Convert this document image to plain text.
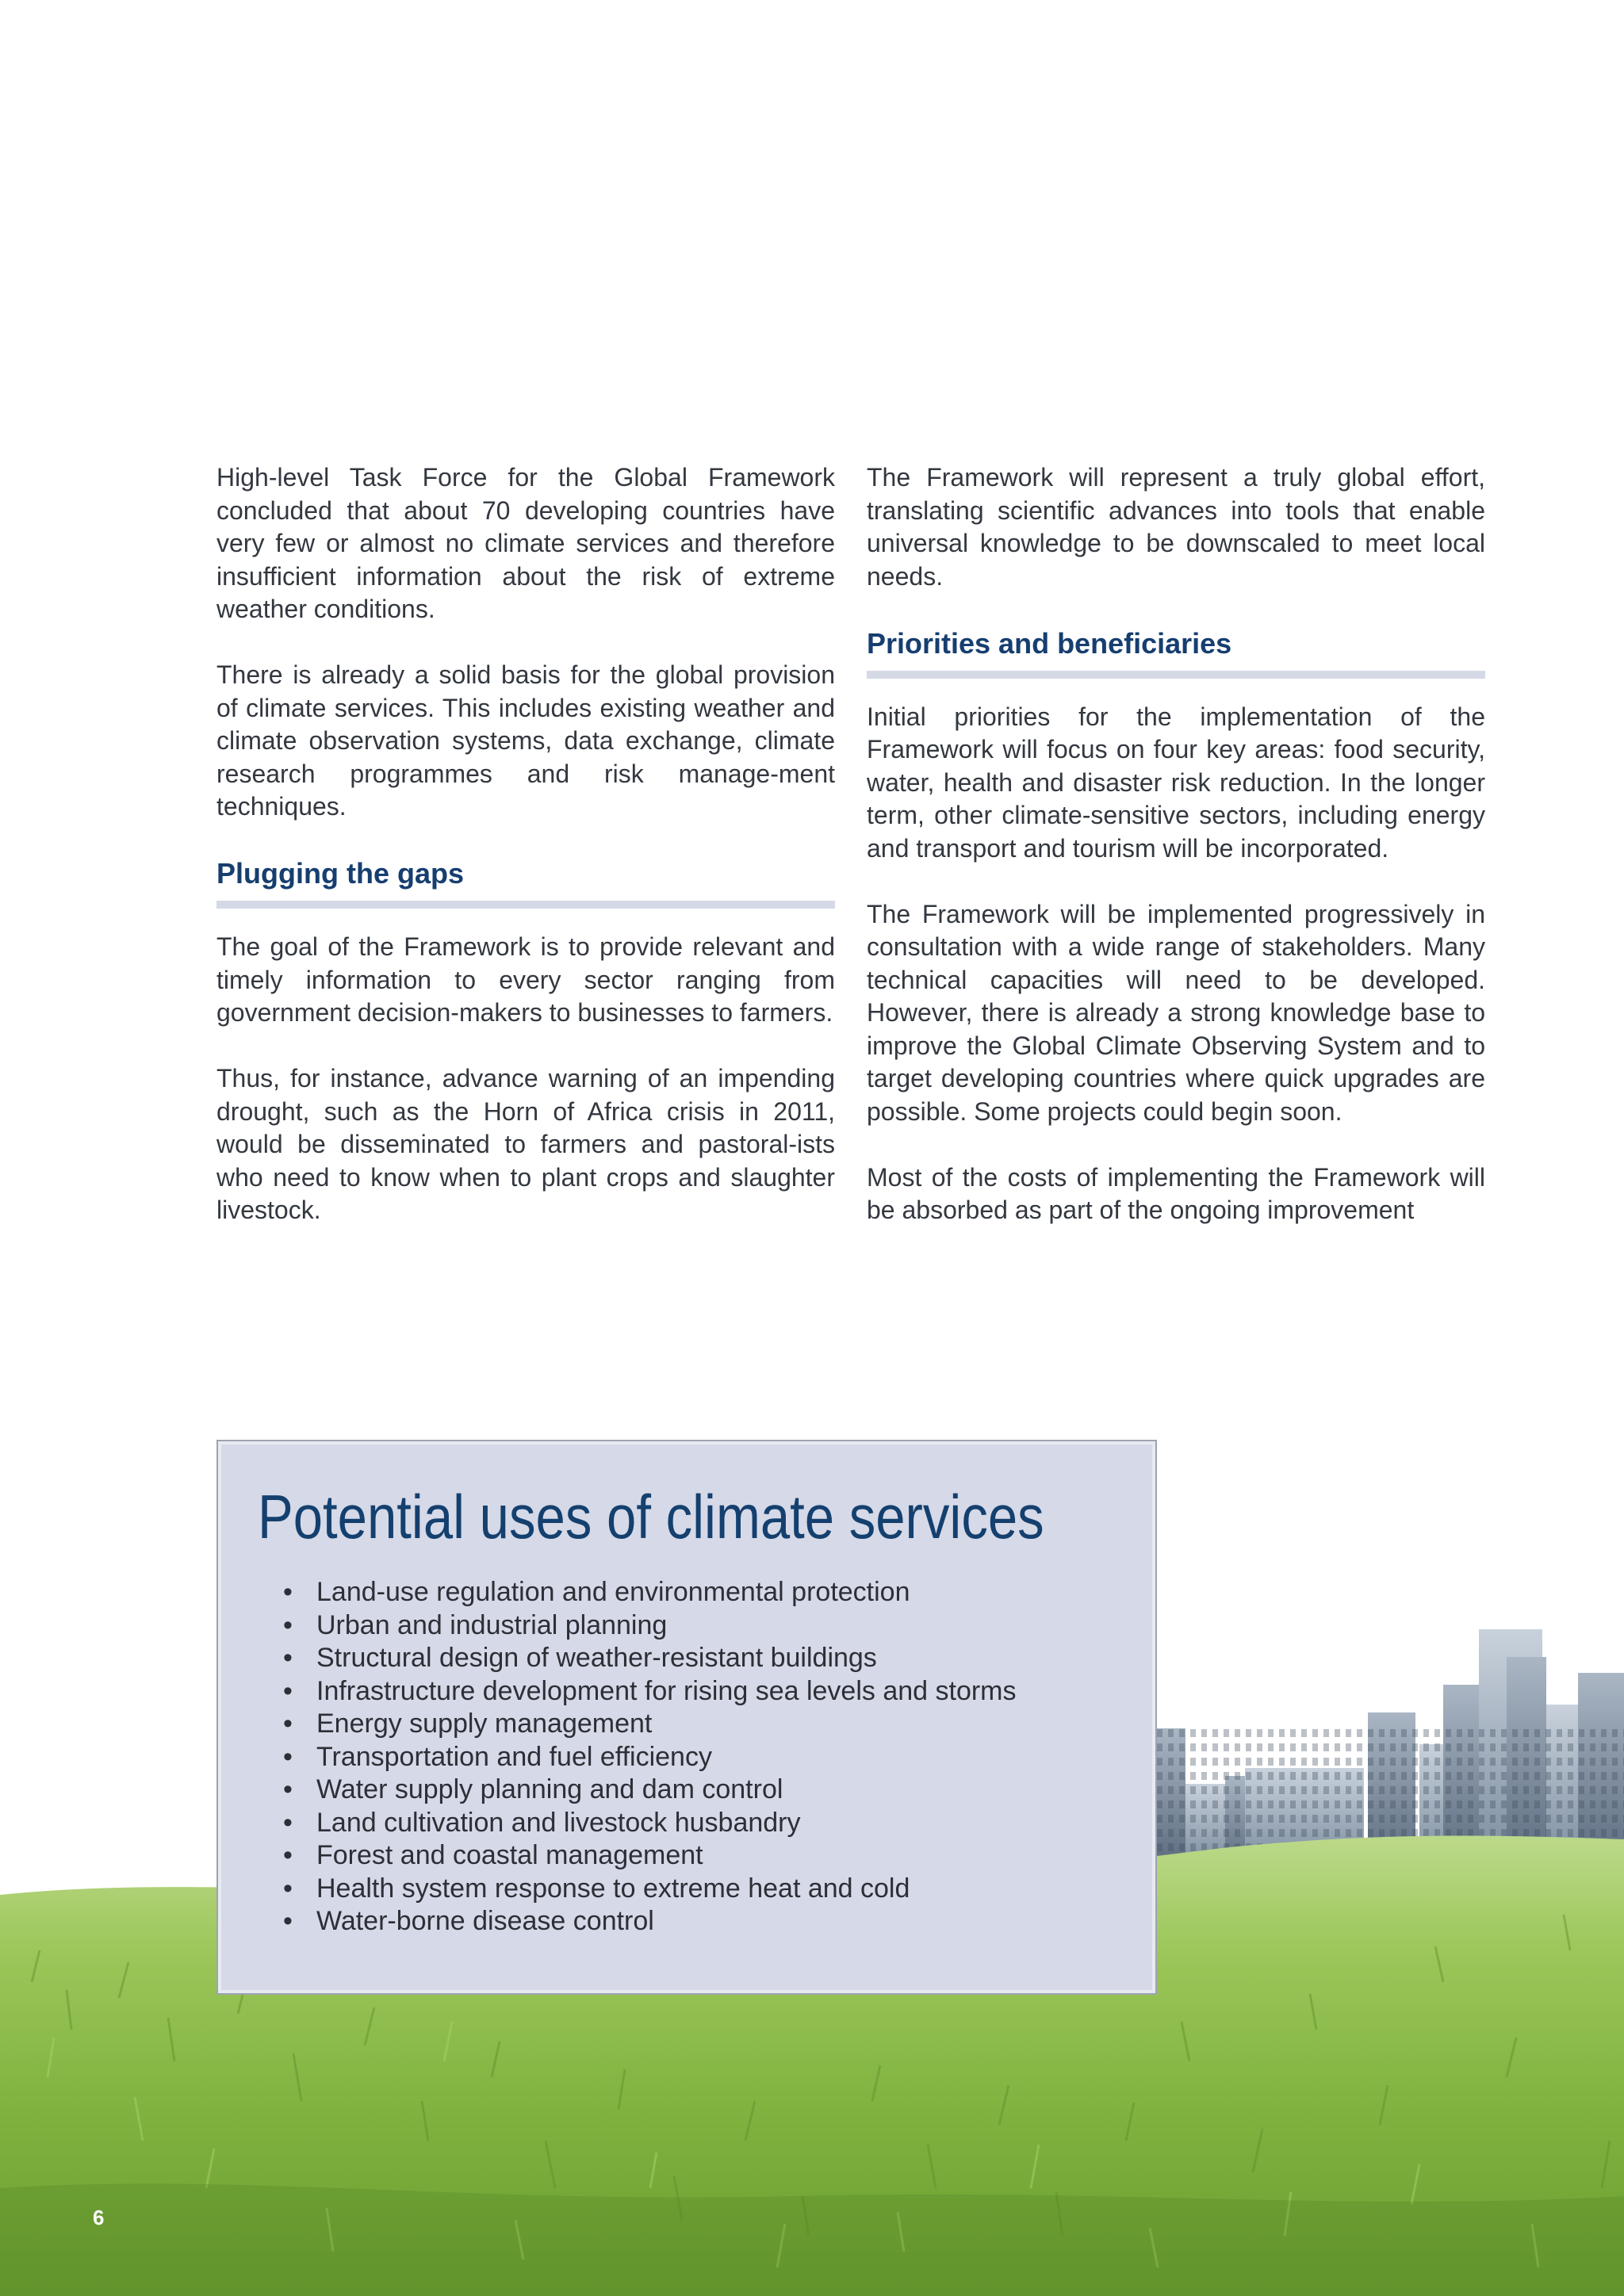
High-level Task Force for the Global Framework concluded that about 70 developing countries have very few or almost no climate services and therefore insufficient information about the risk of extreme weather conditions.

There is already a solid basis for the global provision of climate services. This includes existing weather and climate observation systems, data exchange, climate research programmes and risk manage-ment techniques.

Plugging the gaps

The goal of the Framework is to provide relevant and timely information to every sector ranging from government decision-makers to businesses to farmers.

Thus, for instance, advance warning of an impending drought, such as the Horn of Africa crisis in 2011, would be disseminated to farmers and pastoral-ists who need to know when to plant crops and slaughter livestock.

The Framework will represent a truly global effort, translating scientific advances into tools that enable universal knowledge to be downscaled to meet local needs.

Priorities and beneficiaries

Initial priorities for the implementation of the Framework will focus on four key areas: food security, water, health and disaster risk reduction. In the longer term, other climate-sensitive sectors, including energy and transport and tourism will be incorporated.

The Framework will be implemented progressively in consultation with a wide range of stakeholders. Many technical capacities will need to be developed. However, there is already a strong knowledge base to improve the Global Climate Observing System and to target developing countries where quick upgrades are possible. Some projects could begin soon.

Most of the costs of implementing the Framework will be absorbed as part of the ongoing improvement

Potential uses of climate services
• Land-use regulation and environmental protection
• Urban and industrial planning
• Structural design of weather-resistant buildings
• Infrastructure development for rising sea levels and storms
• Energy supply management
• Transportation and fuel efficiency
• Water supply planning and dam control
• Land cultivation and livestock husbandry
• Forest and coastal management
• Health system response to extreme heat and cold
• Water-borne disease control
6
